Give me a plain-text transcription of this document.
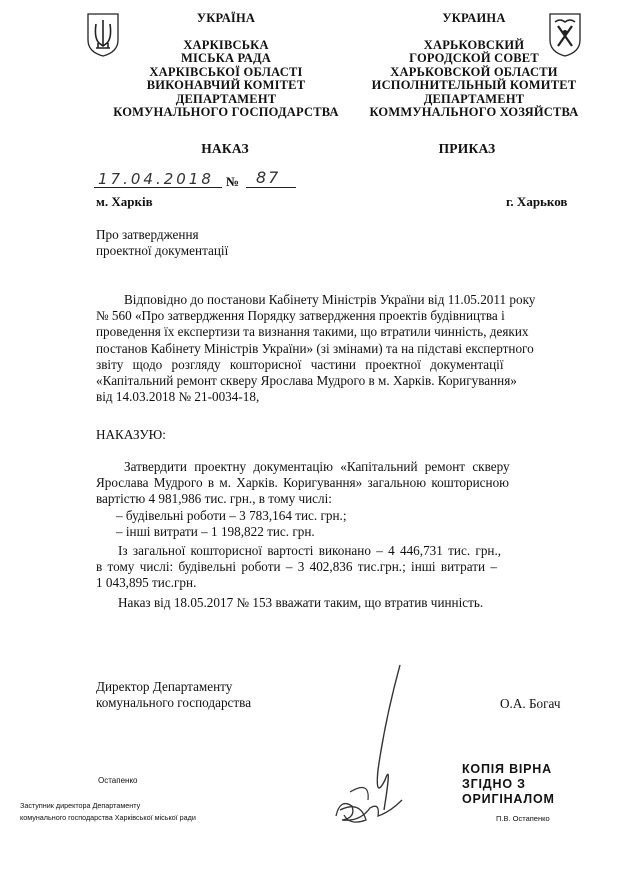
УКРАЇНА
ХАРКІВСЬКА
МІСЬКА РАДА
ХАРКІВСЬКОЇ ОБЛАСТІ
ВИКОНАВЧИЙ КОМІТЕТ
ДЕПАРТАМЕНТ
КОМУНАЛЬНОГО ГОСПОДАРСТВА
УКРАИНА
ХАРЬКОВСКИЙ
ГОРОДСКОЙ СОВЕТ
ХАРЬКОВСКОЙ ОБЛАСТИ
ИСПОЛНИТЕЛЬНЫЙ КОМИТЕТ
ДЕПАРТАМЕНТ
КОММУНАЛЬНОГО ХОЗЯЙСТВА
НАКАЗ	ПРИКАЗ
17.04.2018 № 87
м. Харків	г. Харьков
Про затвердження
проектної документації
Відповідно до постанови Кабінету Міністрів України від 11.05.2011 року
№ 560 «Про затвердження Порядку затвердження проектів будівництва і
проведення їх експертизи та визнання такими, що втратили чинність, деяких
постанов Кабінету Міністрів України» (зі змінами) та на підставі експертного
звіту щодо розгляду кошторисної частини проектної документації
«Капітальний ремонт скверу Ярослава Мудрого в м. Харків. Коригування»
від 14.03.2018 № 21-0034-18,
НАКАЗУЮ:
Затвердити проектну документацію «Капітальний ремонт скверу
Ярослава Мудрого в м. Харків. Коригування» загальною кошторисною
вартістю 4 981,986 тис. грн., в тому числі:
– будівельні роботи – 3 783,164 тис. грн.;
– інші витрати – 1 198,822 тис. грн.
Із загальної кошторисної вартості виконано – 4 446,731 тис. грн.,
в тому числі: будівельні роботи – 3 402,836 тис.грн.; інші витрати –
1 043,895 тис.грн.
Наказ від 18.05.2017 № 153 вважати таким, що втратив чинність.
Директор Департаменту
комунального господарства	О.А. Богач
Остапенко
Заступник директора Департаменту
комунального господарства Харківської міської ради
КОПІЯ ВІРНА
ЗГІДНО З
ОРИГІНАЛОМ
П.В. Остапенко
